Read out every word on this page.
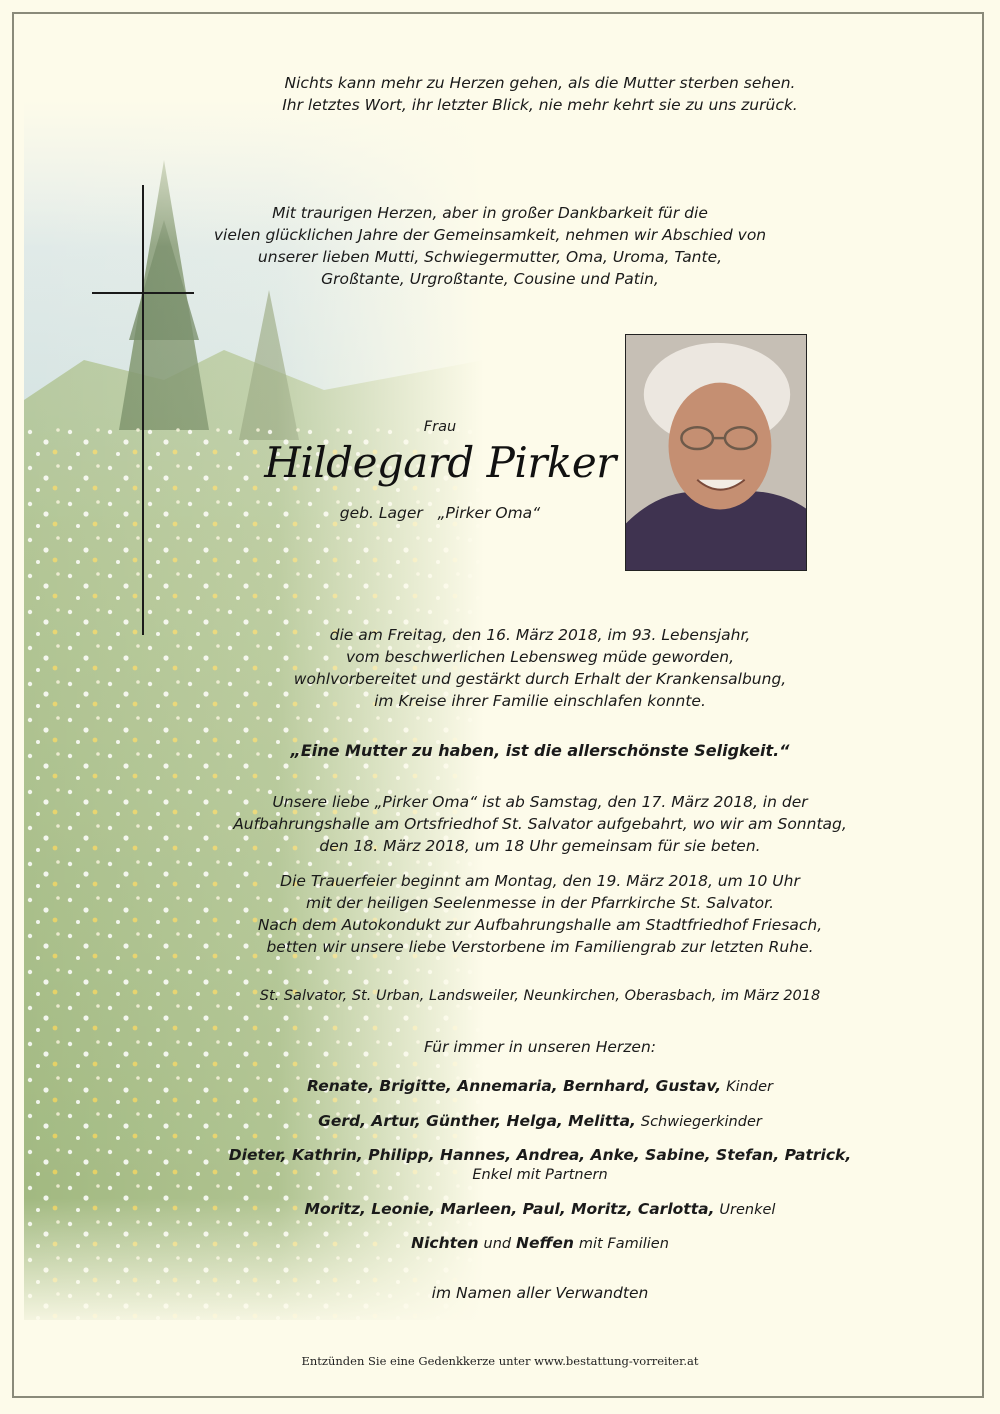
Nichts kann mehr zu Herzen gehen, als die Mutter sterben sehen.

Ihr letztes Wort, ihr letzter Blick, nie mehr kehrt sie zu uns zurück.

Mit traurigen Herzen, aber in großer Dankbarkeit für die

vielen glücklichen Jahre der Gemeinsamkeit, nehmen wir Abschied von

unserer lieben Mutti, Schwiegermutter, Oma, Uroma, Tante,

Großtante, Urgroßtante, Cousine und Patin,

Frau
Hildegard Pirker
geb. Lager „Pirker Oma“

die am Freitag, den 16. März 2018, im 93. Lebensjahr,

vom beschwerlichen Lebensweg müde geworden,

wohlvorbereitet und gestärkt durch Erhalt der Krankensalbung,

im Kreise ihrer Familie einschlafen konnte.

„Eine Mutter zu haben, ist die allerschönste Seligkeit.“

Unsere liebe „Pirker Oma“ ist ab Samstag, den 17. März 2018, in der

Aufbahrungshalle am Ortsfriedhof St. Salvator aufgebahrt, wo wir am Sonntag,

den 18. März 2018, um 18 Uhr gemeinsam für sie beten.

Die Trauerfeier beginnt am Montag, den 19. März 2018, um 10 Uhr

mit der heiligen Seelenmesse in der Pfarrkirche St. Salvator.

Nach dem Autokondukt zur Aufbahrungshalle am Stadtfriedhof Friesach,

betten wir unsere liebe Verstorbene im Familiengrab zur letzten Ruhe.

St. Salvator, St. Urban, Landsweiler, Neunkirchen, Oberasbach, im März 2018
Für immer in unseren Herzen:
Renate, Brigitte, Annemaria, Bernhard, Gustav, Kinder
Gerd, Artur, Günther, Helga, Melitta, Schwiegerkinder

Dieter, Kathrin, Philipp, Hannes, Andrea, Anke, Sabine, Stefan, Patrick,

Enkel mit Partnern

Moritz, Leonie, Marleen, Paul, Moritz, Carlotta, Urenkel
Nichten und Neffen mit Familien
im Namen aller Verwandten
Entzünden Sie eine Gedenkkerze unter www.bestattung-vorreiter.at
